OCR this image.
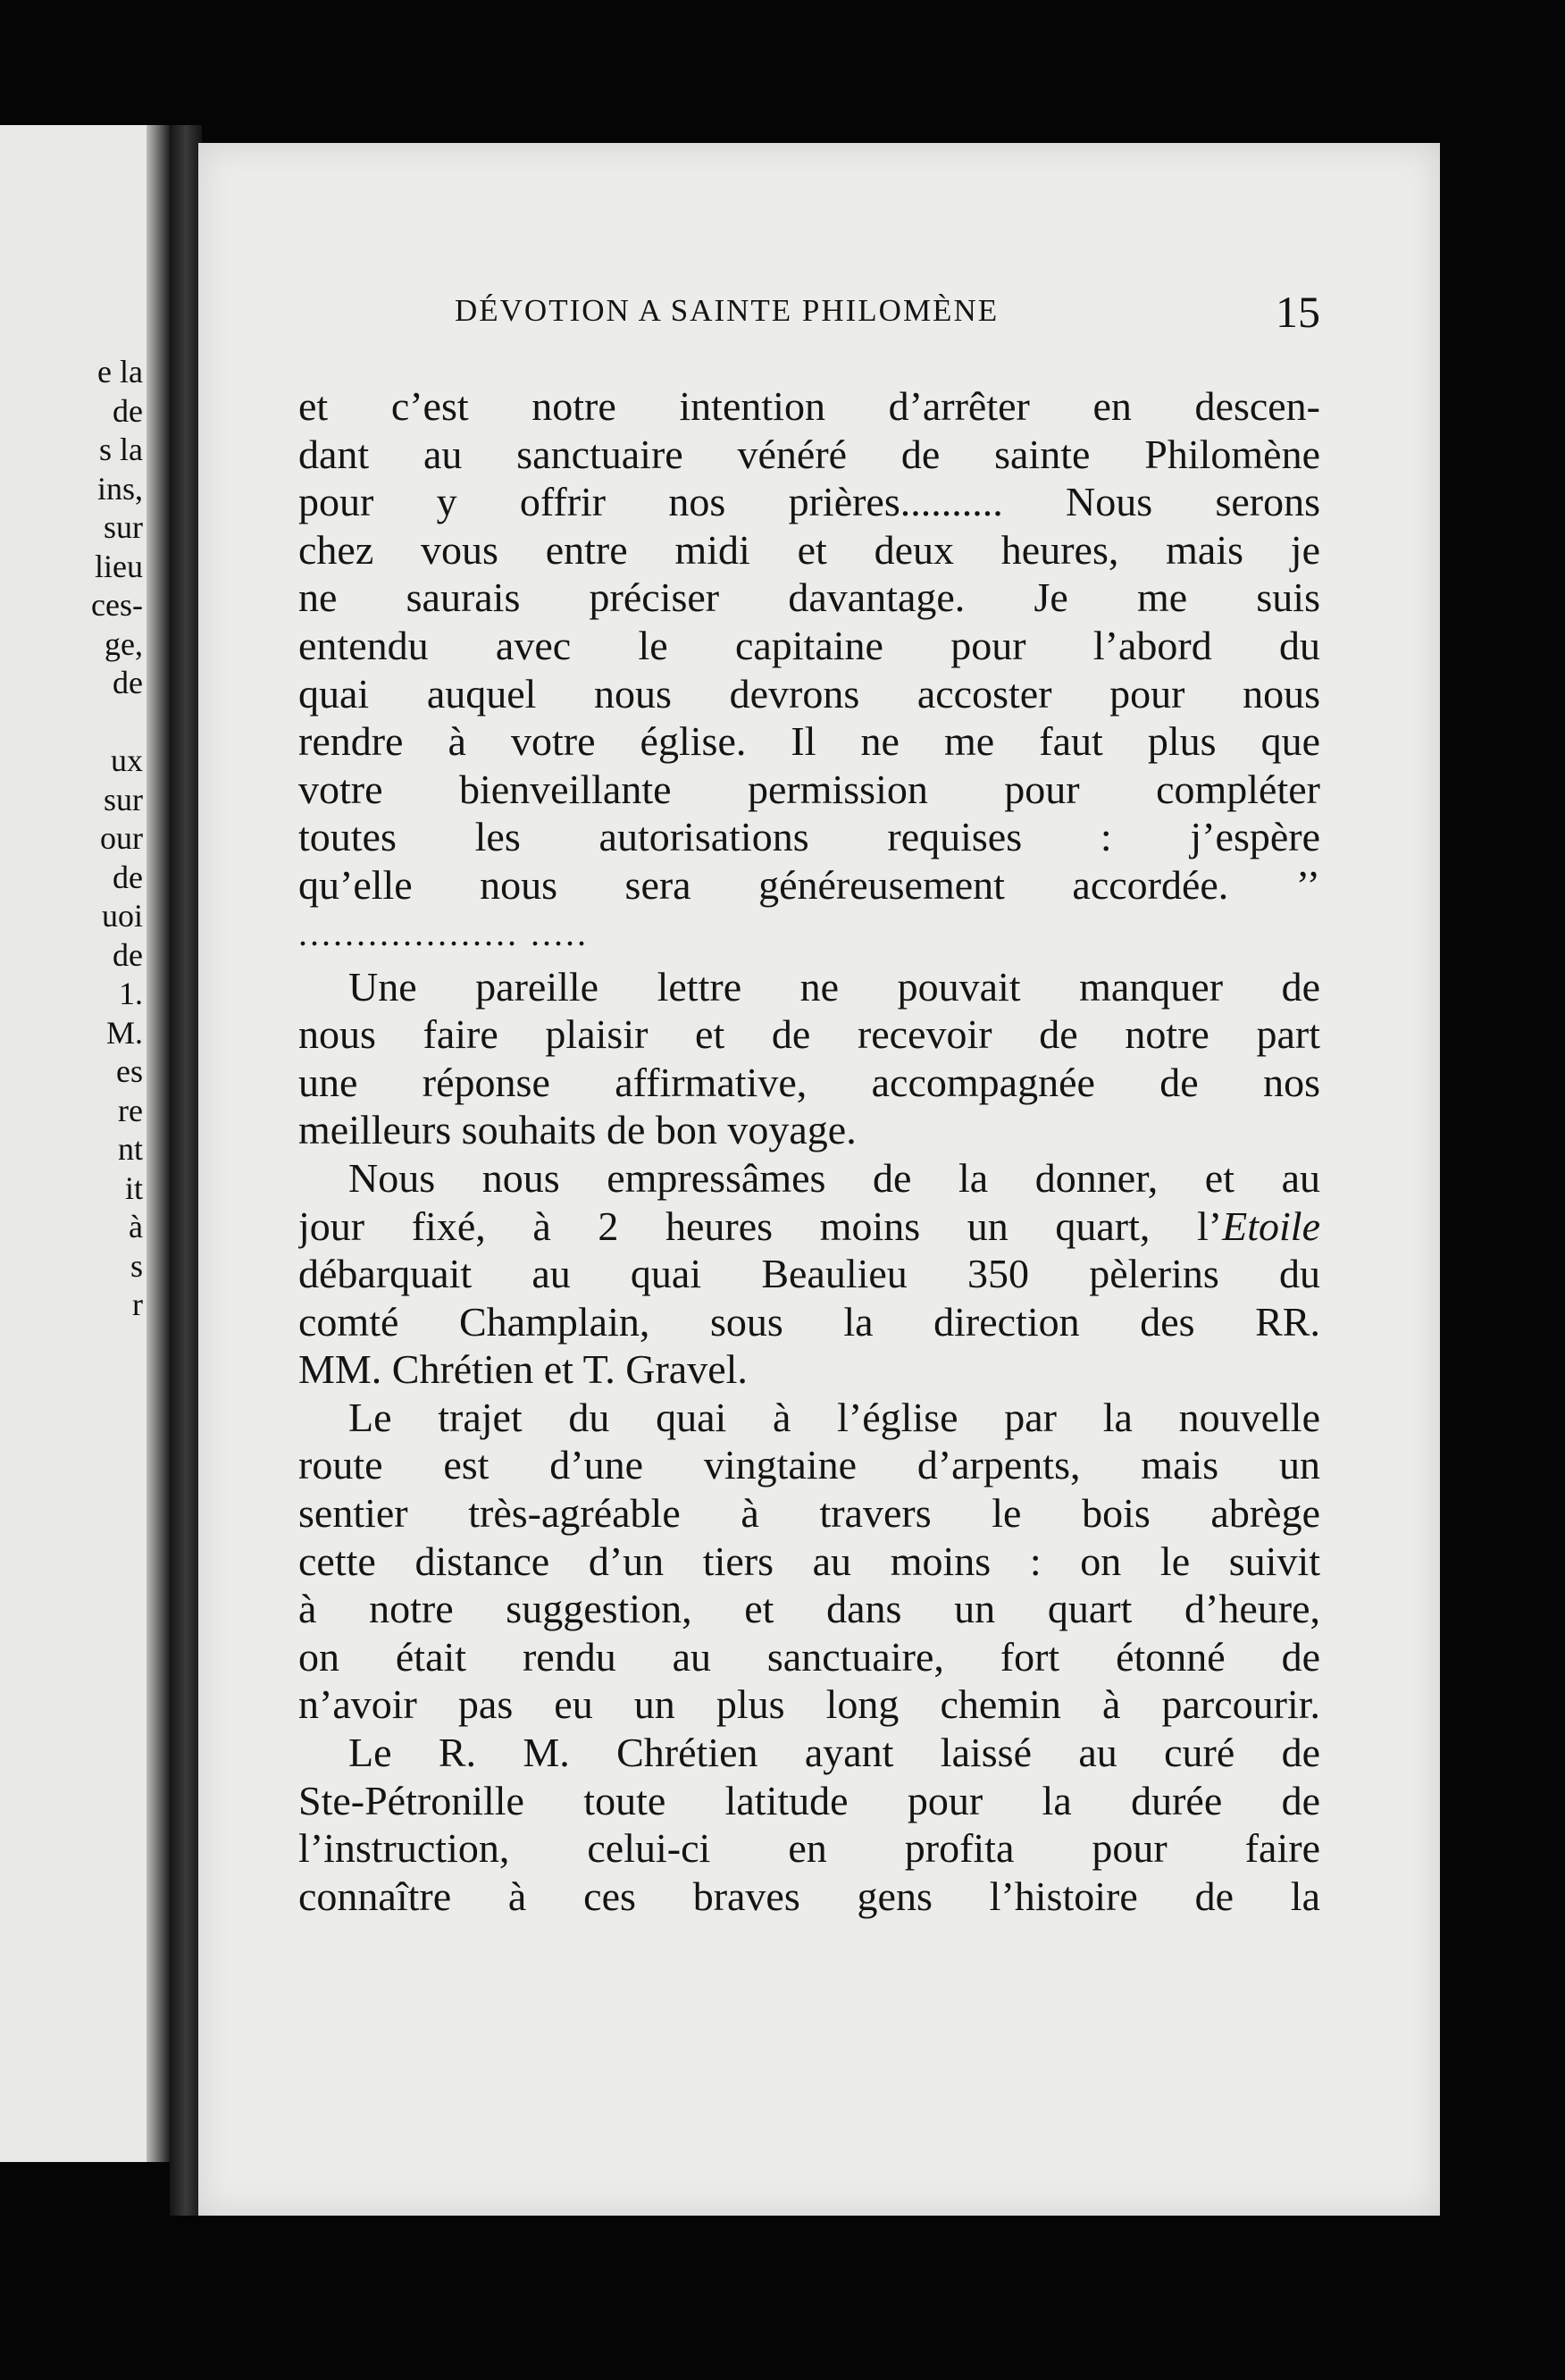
e la
de
s la
ins,
sur
lieu
ces-
ge,
de

ux
sur
our
de
uoi
de
1.
M.
es
re
nt
it
à
s
r
DÉVOTION A SAINTE PHILOMÈNE	15
et c’est notre intention d’arrêter en descen-
dant au sanctuaire vénéré de sainte Philomène
pour y offrir nos prières.......... Nous serons
chez vous entre midi et deux heures, mais je
ne saurais préciser davantage. Je me suis
entendu avec le capitaine pour l’abord du
quai auquel nous devrons accoster pour nous
rendre à votre église. Il ne me faut plus que
votre bienveillante permission pour compléter
toutes les autorisations requises : j’espère
qu’elle nous sera généreusement accordée. ’’
................... .....
Une pareille lettre ne pouvait manquer de
nous faire plaisir et de recevoir de notre part
une réponse affirmative, accompagnée de nos
meilleurs souhaits de bon voyage.
Nous nous empressâmes de la donner, et au
jour fixé, à 2 heures moins un quart, l’Etoile
débarquait au quai Beaulieu 350 pèlerins du
comté Champlain, sous la direction des RR.
MM. Chrétien et T. Gravel.
Le trajet du quai à l’église par la nouvelle
route est d’une vingtaine d’arpents, mais un
sentier très-agréable à travers le bois abrège
cette distance d’un tiers au moins : on le suivit
à notre suggestion, et dans un quart d’heure,
on était rendu au sanctuaire, fort étonné de
n’avoir pas eu un plus long chemin à parcourir.
Le R. M. Chrétien ayant laissé au curé de
Ste-Pétronille toute latitude pour la durée de
l’instruction, celui-ci en profita pour faire
connaître à ces braves gens l’histoire de la
